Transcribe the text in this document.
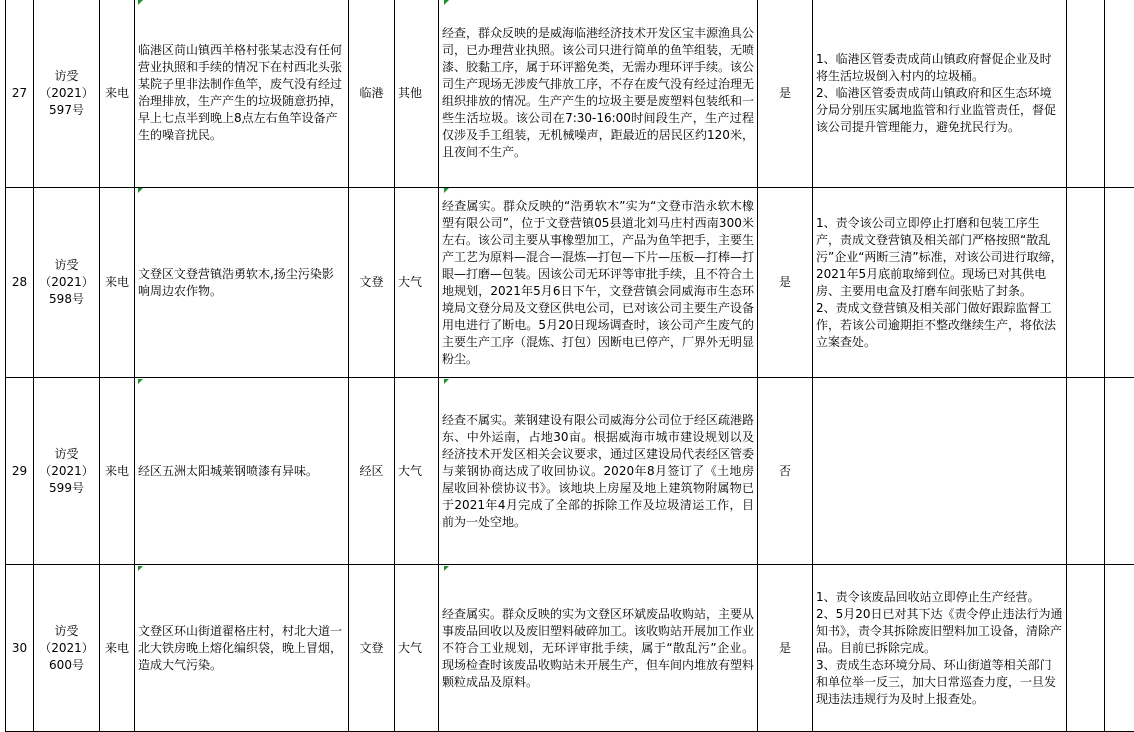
27	访受（2021）597号	来电	临港区苘山镇西羊格村张某志没有任何营业执照和手续的情况下在村西北头张某院子里非法制作鱼竿，废气没有经过治理排放，生产产生的垃圾随意扔掉，早上七点半到晚上8点左右鱼竿设备产生的噪音扰民。	临港	其他	经查，群众反映的是威海临港经济技术开发区宝丰源渔具公司，已办理营业执照。该公司只进行简单的鱼竿组装，无喷漆、胶黏工序，属于环评豁免类，无需办理环评手续。该公司生产现场无涉废气排放工序，不存在废气没有经过治理无组织排放的情况。生产产生的垃圾主要是废塑料包装纸和一些生活垃圾。该公司在7:30-16:00时间段生产，生产过程仅涉及手工组装，无机械噪声，距最近的居民区约120米，且夜间不生产。	是	1、临港区管委责成苘山镇政府督促企业及时将生活垃圾倒入村内的垃圾桶。
2、临港区管委责成苘山镇政府和区生态环境分局分别压实属地监管和行业监管责任，督促该公司提升管理能力，避免扰民行为。			
28	访受（2021）598号	来电	文登区文登营镇浩勇软木,扬尘污染影响周边农作物。	文登	大气	经查属实。群众反映的“浩勇软木”实为“文登市浩永软木橡塑有限公司”，位于文登营镇05县道北刘马庄村西南300米左右。该公司主要从事橡塑加工，产品为鱼竿把手，主要生产工艺为原料—混合—混炼—打包—下片—压板—打棒—打眼—打磨—包装。因该公司无环评等审批手续，且不符合土地规划，2021年5月6日下午，文登营镇会同威海市生态环境局文登分局及文登区供电公司，已对该公司主要生产设备用电进行了断电。5月20日现场调查时，该公司产生废气的主要生产工序（混炼、打包）因断电已停产，厂界外无明显粉尘。	是	1、责令该公司立即停止打磨和包装工序生产，责成文登营镇及相关部门严格按照“散乱污”企业“两断三清”标准，对该公司进行取缔，2021年5月底前取缔到位。现场已对其供电房、主要用电盒及打磨车间张贴了封条。
2、责成文登营镇及相关部门做好跟踪监督工作，若该公司逾期拒不整改继续生产，将依法立案查处。			
29	访受（2021）599号	来电	经区五洲太阳城莱钢喷漆有异味。	经区	大气	经查不属实。莱钢建设有限公司威海分公司位于经区疏港路东、中外运南，占地30亩。根据威海市城市建设规划以及经济技术开发区相关会议要求，通过区建设局代表经区管委与莱钢协商达成了收回协议。2020年8月签订了《土地房屋收回补偿协议书》。该地块上房屋及地上建筑物附属物已于2021年4月完成了全部的拆除工作及垃圾清运工作，目前为一处空地。	否				
30	访受（2021）600号	来电	文登区环山街道翟格庄村，村北大道一北大铁房晚上熔化编织袋，晚上冒烟，造成大气污染。	文登	大气	经查属实。群众反映的实为文登区环斌废品收购站，主要从事废品回收以及废旧塑料破碎加工。该收购站开展加工作业不符合工业规划，无环评审批手续，属于“散乱污”企业。现场检查时该废品收购站未开展生产，但车间内堆放有塑料颗粒成品及原料。	是	1、责令该废品回收站立即停止生产经营。
2、5月20日已对其下达《责令停止违法行为通知书》，责令其拆除废旧塑料加工设备，清除产品。目前已拆除完成。
3、责成生态环境分局、环山街道等相关部门和单位举一反三，加大日常巡查力度，一旦发现违法违规行为及时上报查处。			
